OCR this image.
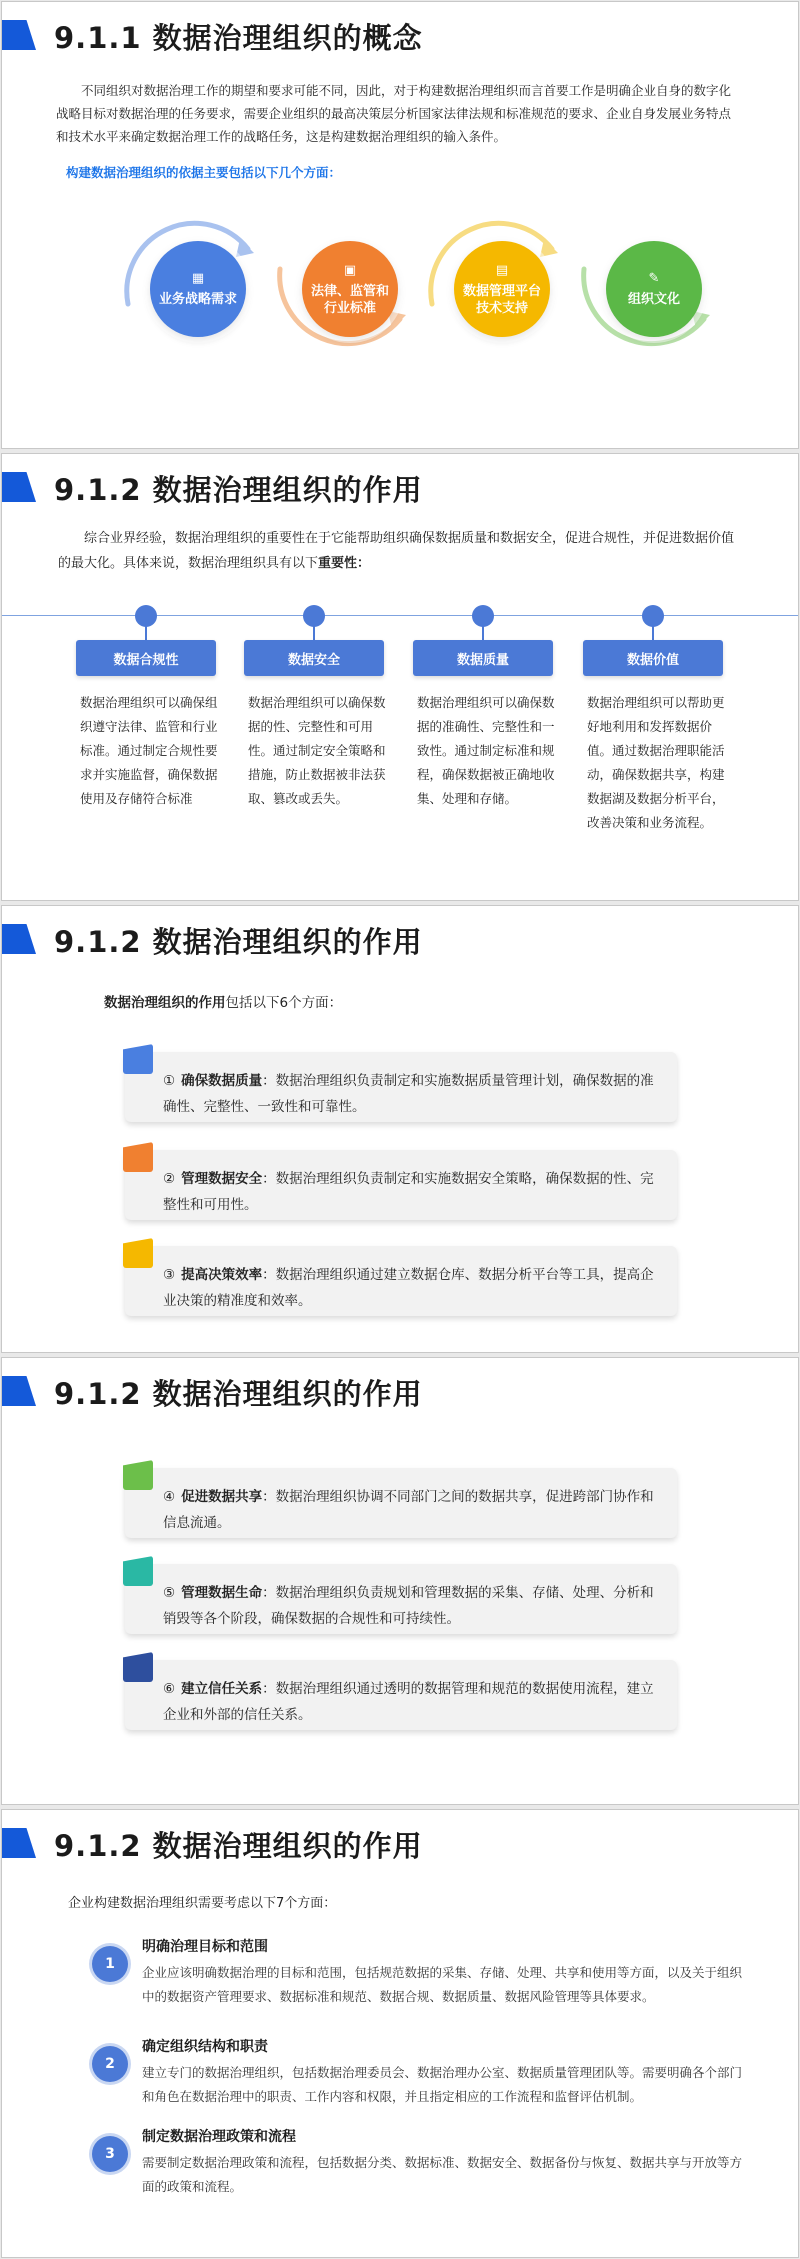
9.1.1 数据治理组织的概念
不同组织对数据治理工作的期望和要求可能不同，因此，对于构建数据治理组织而言首要工作是明确企业自身的数字化战略目标对数据治理的任务要求，需要企业组织的最高决策层分析国家法律法规和标准规范的要求、企业自身发展业务特点和技术水平来确定数据治理工作的战略任务，这是构建数据治理组织的输入条件。
构建数据治理组织的依据主要包括以下几个方面：
▦
业务战略需求
▣
法律、监管和行业标准
▤
数据管理平台技术支持
✎
组织文化
9.1.2 数据治理组织的作用
综合业界经验，数据治理组织的重要性在于它能帮助组织确保数据质量和数据安全，促进合规性，并促进数据价值的最大化。具体来说，数据治理组织具有以下重要性：
数据合规性
数据治理组织可以确保组织遵守法律、监管和行业标准。通过制定合规性要求并实施监督，确保数据使用及存储符合标准
数据安全
数据治理组织可以确保数据的性、完整性和可用性。通过制定安全策略和措施，防止数据被非法获取、篡改或丢失。
数据质量
数据治理组织可以确保数据的准确性、完整性和一致性。通过制定标准和规程，确保数据被正确地收集、处理和存储。
数据价值
数据治理组织可以帮助更好地利用和发挥数据价值。通过数据治理职能活动，确保数据共享，构建数据湖及数据分析平台，改善决策和业务流程。
9.1.2 数据治理组织的作用
数据治理组织的作用包括以下6个方面：
① 确保数据质量：数据治理组织负责制定和实施数据质量管理计划，确保数据的准确性、完整性、一致性和可靠性。
② 管理数据安全：数据治理组织负责制定和实施数据安全策略，确保数据的性、完整性和可用性。
③ 提高决策效率：数据治理组织通过建立数据仓库、数据分析平台等工具，提高企业决策的精准度和效率。
9.1.2 数据治理组织的作用
④ 促进数据共享：数据治理组织协调不同部门之间的数据共享，促进跨部门协作和信息流通。
⑤ 管理数据生命：数据治理组织负责规划和管理数据的采集、存储、处理、分析和销毁等各个阶段，确保数据的合规性和可持续性。
⑥ 建立信任关系：数据治理组织通过透明的数据管理和规范的数据使用流程，建立企业和外部的信任关系。
9.1.2 数据治理组织的作用
企业构建数据治理组织需要考虑以下7个方面：
1
明确治理目标和范围
企业应该明确数据治理的目标和范围，包括规范数据的采集、存储、处理、共享和使用等方面，以及关于组织中的数据资产管理要求、数据标准和规范、数据合规、数据质量、数据风险管理等具体要求。
2
确定组织结构和职责
建立专门的数据治理组织，包括数据治理委员会、数据治理办公室、数据质量管理团队等。需要明确各个部门和角色在数据治理中的职责、工作内容和权限，并且指定相应的工作流程和监督评估机制。
3
制定数据治理政策和流程
需要制定数据治理政策和流程，包括数据分类、数据标准、数据安全、数据备份与恢复、数据共享与开放等方面的政策和流程。
